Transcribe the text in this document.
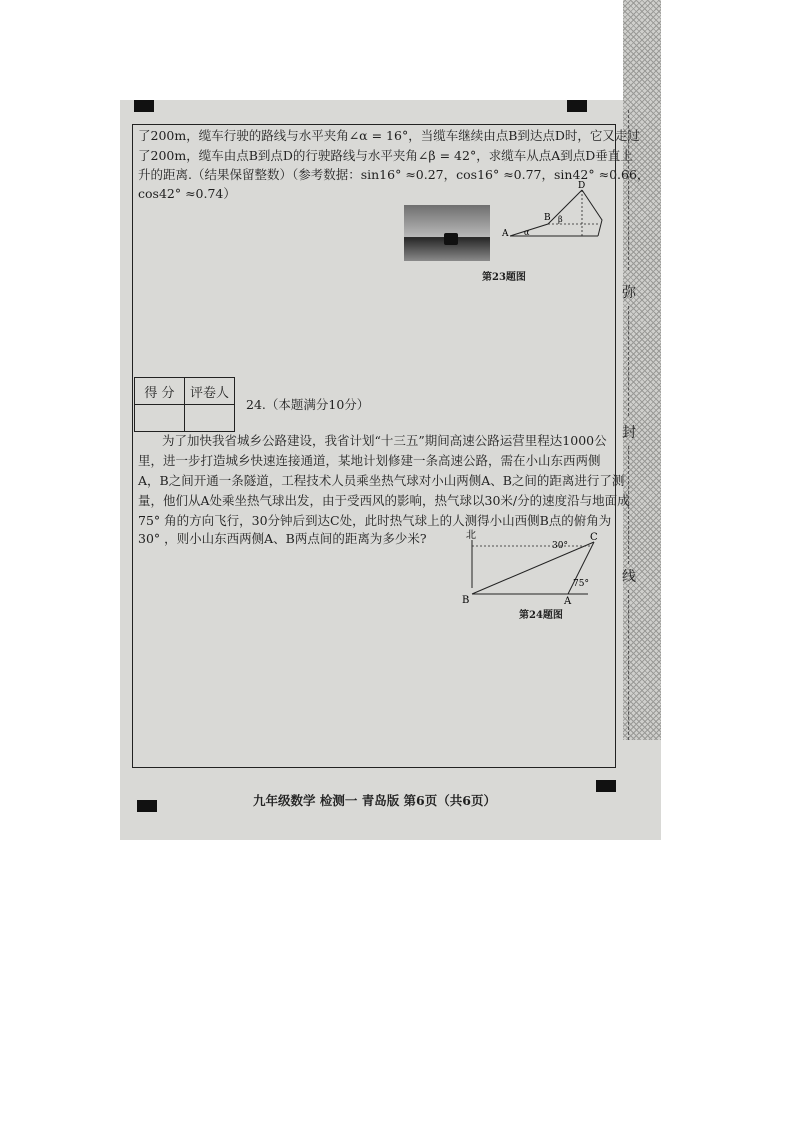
弥
封
线
了200m，缆车行驶的路线与水平夹角∠α = 16°，当缆车继续由点B到达点D时，它又走过
了200m，缆车由点B到点D的行驶路线与水平夹角∠β = 42°，求缆车从点A到点D垂直上
升的距离.（结果保留整数）（参考数据：sin16° ≈0.27，cos16° ≈0.77，sin42° ≈0.66，
cos42° ≈0.74）
A
B
D
α
β
第23题图
得 分	评卷人

24.（本题满分10分）
为了加快我省城乡公路建设，我省计划“十三五”期间高速公路运营里程达1000公
里，进一步打造城乡快速连接通道，某地计划修建一条高速公路，需在小山东西两侧
A，B之间开通一条隧道，工程技术人员乘坐热气球对小山两侧A、B之间的距离进行了测
量，他们从A处乘坐热气球出发，由于受西风的影响，热气球以30米/分的速度沿与地面成
75° 角的方向飞行，30分钟后到达C处，此时热气球上的人测得小山西侧B点的俯角为
30° ，则小山东西两侧A、B两点间的距离为多少米?	北
30°
C
75°
B	A
第24题图
九年级数学 检测一 青岛版 第6页（共6页）
